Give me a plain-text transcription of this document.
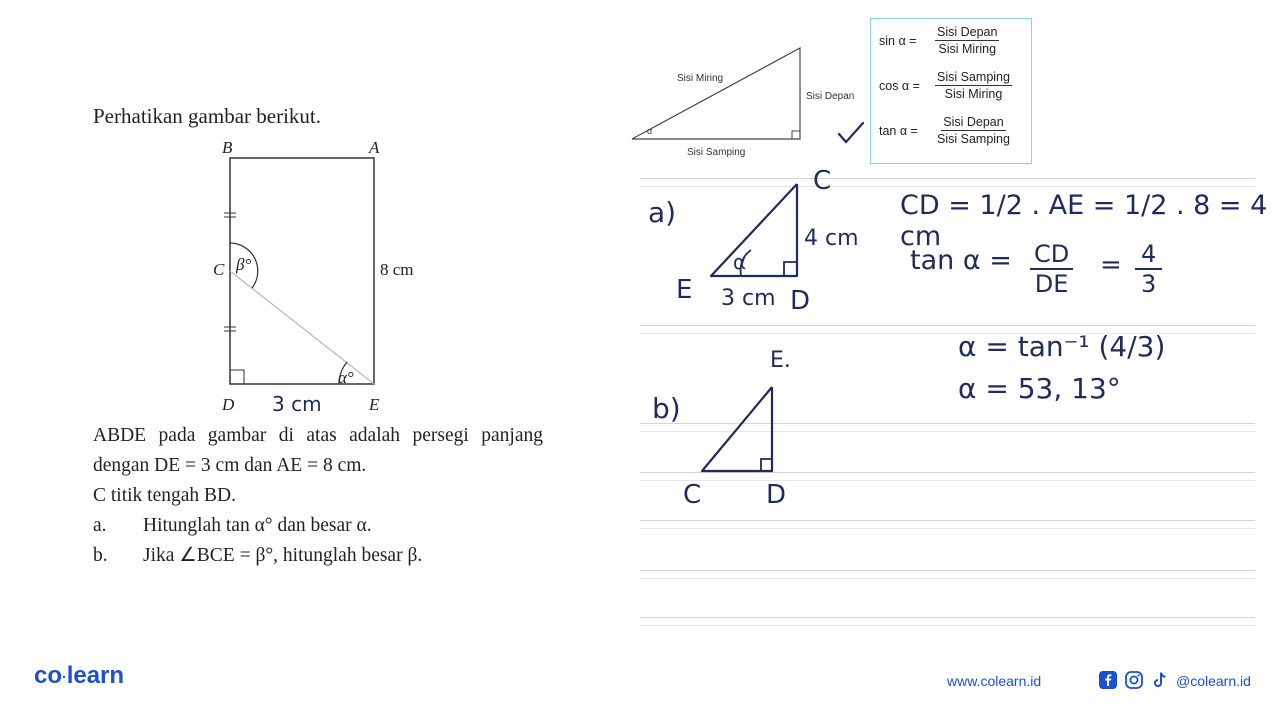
Perhatikan gambar berikut.
B	A
C
D	E
8 cm
β°
α°
3 cm

ABDE pada gambar di atas adalah persegi panjang dengan DE = 3 cm dan AE = 8 cm.

C titik tengah BD.

a.	Hitunglah tan α° dan besar α.
b.	Jika ∠BCE = β°, hitunglah besar β.
Sisi Miring
Sisi Depan
Sisi Samping
α
sin α =	$\frac{\text{Sisi Depan}}{\text{Sisi Miring}}$
cos α =	$\frac{\text{Sisi Samping}}{\text{Sisi Miring}}$
tan α =	$\frac{\text{Sisi Depan}}{\text{Sisi Samping}}$
a)
C
E	D
4 cm
3 cm
α
CD = 1/2 . AE = 1/2 . 8 = 4 cm
$\tan \alpha = \frac{CD}{DE} = \frac{4}{3}$
α = tan⁻¹ (4/3)
α = 53, 13°
b)
E.
C D
co·learn	www.colearn.id	@colearn.id
